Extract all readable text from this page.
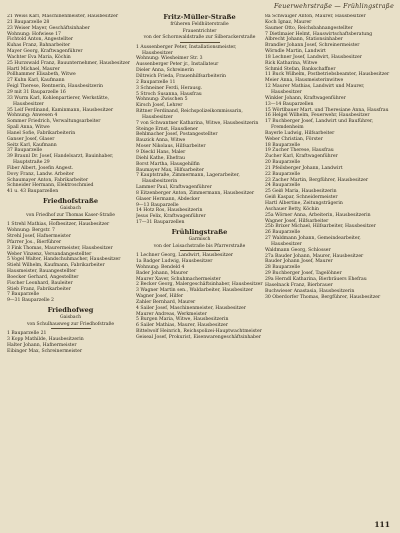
Feuerwehrstraße — Frühlingstraße
21 Weiss Karl, Maschinenmeister, Hausbesitzer
21 Bauparzelle 28
23 Weiser Mayer, Geschäftsinhaber
Wohnung: Hofwiese 17
Fichtold Anton, Angestellter
Kuhas Franz, Bahnarbeiter
Mayer Georg, Kraftwagenführer
Wachter Eva Maria, Köchin
25 Hurzswald Franz, Bauunternehmer, Hausbesitzer
Hartl Michael, Maurer
Pollhammer Elisabeth, Witwe
27 Kuhn Karl, Kaufmann
Feigl Therese, Rentnerin, Hausbesitzerin
29 mit 31 Bauparzelle 16
33 Wurm Karl, Kohlenpartierer, Werkstätte, Hausbesitzer
35 Leif Ferdinand, Kaminmann, Hausbesitzer
Wohnung: Anwesen 4
Sommer Friedrich, Verwaltungsarbeiter
Spall Anna, Witwe
Hanel Sofie, Fabrikarbeiterin
Ganser Josef, Glaser
Seitz Karl, Kaufmann
37 Bauparzelle
39 Braunl Dr. Josef, Handelsarzt, Bauinhaber, Hauptstraße 29
Fiber Albert, Josefin Angest.
Dovy Franz, Landw. Arbeiter
Schaumayer Anton, Fabrikarbeiter
Schneider Hermann, Elektroschmied
41 u. 43 Bauparzellen
Friedhofstraße
Gaisbach
von Friedhof zur Thomas Kaser-Straße
1 Strehl Mathias, Hofbesitzer, Hausbesitzer
Wohnung: Bergstr. 7
Strehl Josef, Hafnermeister
Pfarrer Jos., Bierführer
3 Fink Thomas, Maurermeister, Hausbesitzer
Weber Vinzenz, Versandangestellter
5 Vogel Walter, Handschuhmacher, Hausbesitzer
Stiehl Wilhelm, Kaufmann, Fabrikarbeiter
Hausmeister, Bauangestellter
Boecker Gerhard, Angestellter
Fischer Leonhard, Bauleiter
Stieb Franz, Fabrikarbeiter
7 Bauparzelle
9—31 Bauparzelle 2
Friedhofweg
Gaisbach
von Schulhausweg zur Friedhofstraße
1 Bauparzelle 21
3 Kopp Mathilde, Hausbesitzerin
Halter Johann, Hafnermeister
Eibinger Max, Schreinermeister
Fritz-Müller-Straße
früheren Feldhüterstraße
Frauentrichter
von der Schornwaldstraße zur Silberackerstraße
1 Aussenberger Peter, Installationsmeister, Hausbesitzer
Wohnung: Wiesheimer Str. 3
Aussenberger Peter jr., Installateur
Dieler Anna, Schreinerin
Diltreich Frieda, Frauenhilfsarbeiterin
2 Bauparzelle 11
3 Schneiner Ferdi, Herausg.
5 Stroch Susanna, Hausfrau
Wohnung: Zwischen 5
Kirsch Josef, Lehrer
Rittner Ferdinand, Reichspolizeikommissarin, Hausbesitzer
7 von Schwantner Katharina, Witwe, Hausbesitzerin
Steinge Ernst, Hausdiener
Behlmacher Josef, Postangestellter
Bauzick Anna, Witwe
Moser Nikolaus, Hilfsarbeiter
9 Dieckl Hans, Maler
Diehl Kathe, Ehefrau
Borst Martha, Hausgehilfin
Baumayer Max, Hilfsarbeiter
7 Kauptstraße, Zimmermann, Lagerarbeiter, Hausbesitzerin
Lammer Paul, Kraftwagenführer
8 Eitzenberger Anton, Zimmermann, Hausbesitzer
Glaser Hermann, Abdecker
9—13 Bauparzelle
14 Hotz Ros, Hausbesitzerin
Jesus Felix, Kraftwagenführer
17—31 Bauparzellen
Frühlingstraße
Garmisch
von der Loisachstraße bis Pfarrerstraße
1 Lechner Georg, Landwirt, Hausbesitzer
1a Badger Ludwig, Hausbesitzer
Wohnung: Bendeld 4
Bader Johann, Maurer
Maurer Xaver, Schuhmachermeister
2 Becker Georg, Malergeschäftsinhaber, Hausbesitzer
3 Wagner Martin sen., Waldarbeiter, Hausbesitzer
Wagner Josef, Hilfer
Zahler Bernhard, Maurer
4 Sailer Josef, Maschinenmeister, Hausbesitzer
Maurer Andreas, Werkmeister
5 Burgen Maria, Witwe, Hausbesitzerin
6 Sailer Mathias, Maurer, Hausbesitzer
Bittelwolf Heinrich, Reichspolizei-Hauptwachtmeister
Geiseal Josef, Prokurist, Eisenwarengeschäftsinhaber
8a Schwaiger Anton, Maurer, Hausbesitzer
Koch Ignaz, Maurer
Saumer Otto, Reichsbahnangestellter
7 Dietlmaier Helmt, Hauswirtschaftsberatung
Albrecht Johann, Stationsinhaber
Brandler Johann Josef, Schreinermeister
Wörndle Martin, Landwirt
18 Lechner Josef, Landwirt, Hausbesitzer
Rick Katharina, Witwe
Schmid Stefan, Bankschaffner
11 Buck Wilhelm, Postbetriebsbeamter, Hausbesitzer
Meier Anna, Hausmeisterinwitwe
12 Maurer Mathias, Landwirt und Maurer, Hausbesitzer
Winkler Johann, Kraftwagenführer
13—14 Bauparzellen
15 Wörtlbauer Mart. und Theresiane Anna, Hausfrau
16 Helgel Wilhelm, Feuerwehr, Hausbesitzer
17 Buchberger Josef, Landwirt und Bauführer, Fremdenheim
Bayerle Ludwig, Hilfsarbeiter
Weber Christian, Förster
18 Bauparzelle
19 Zucher Therese, Hausfrau
Zucher Karl, Kraftwagenführer
20 Bauparzelle
21 Pfeilsberger Johann, Landwirt
22 Bauparzelle
23 Zacher Martin, Bergführer, Hausbesitzer
24 Bauparzelle
25 Geiß Maria, Hausbesitzerin
Geiß Kaspar, Schneidermeister
Hartl Albertine, Zeitungsträgerin
Aschauer Betty, Köchin
25a Wörner Anna, Arbeiterin, Hausbesitzerin
Wagner Josef, Hilfsarbeiter
25b Brixer Michael, Hilfsarbeiter, Hausbesitzer
26 Bauparzelle
27 Waldmann Johann, Gemeindearbeiter, Hausbesitzer
Waldmann Georg, Schlosser
27a Bauder Johann, Maurer, Hausbesitzer
Bauder Johann Josef, Maurer
28 Bauparzelle
29 Buchberger Josef, Tagelöhner
29a Herndl Katharina, Bierbräuers Ehefrau
Haselnack Franz, Bierbrauer
Buchwieser Anastasia, Hausbesitzerin
30 Oberdorfer Thomas, Bergführer, Hausbesitzer
111
